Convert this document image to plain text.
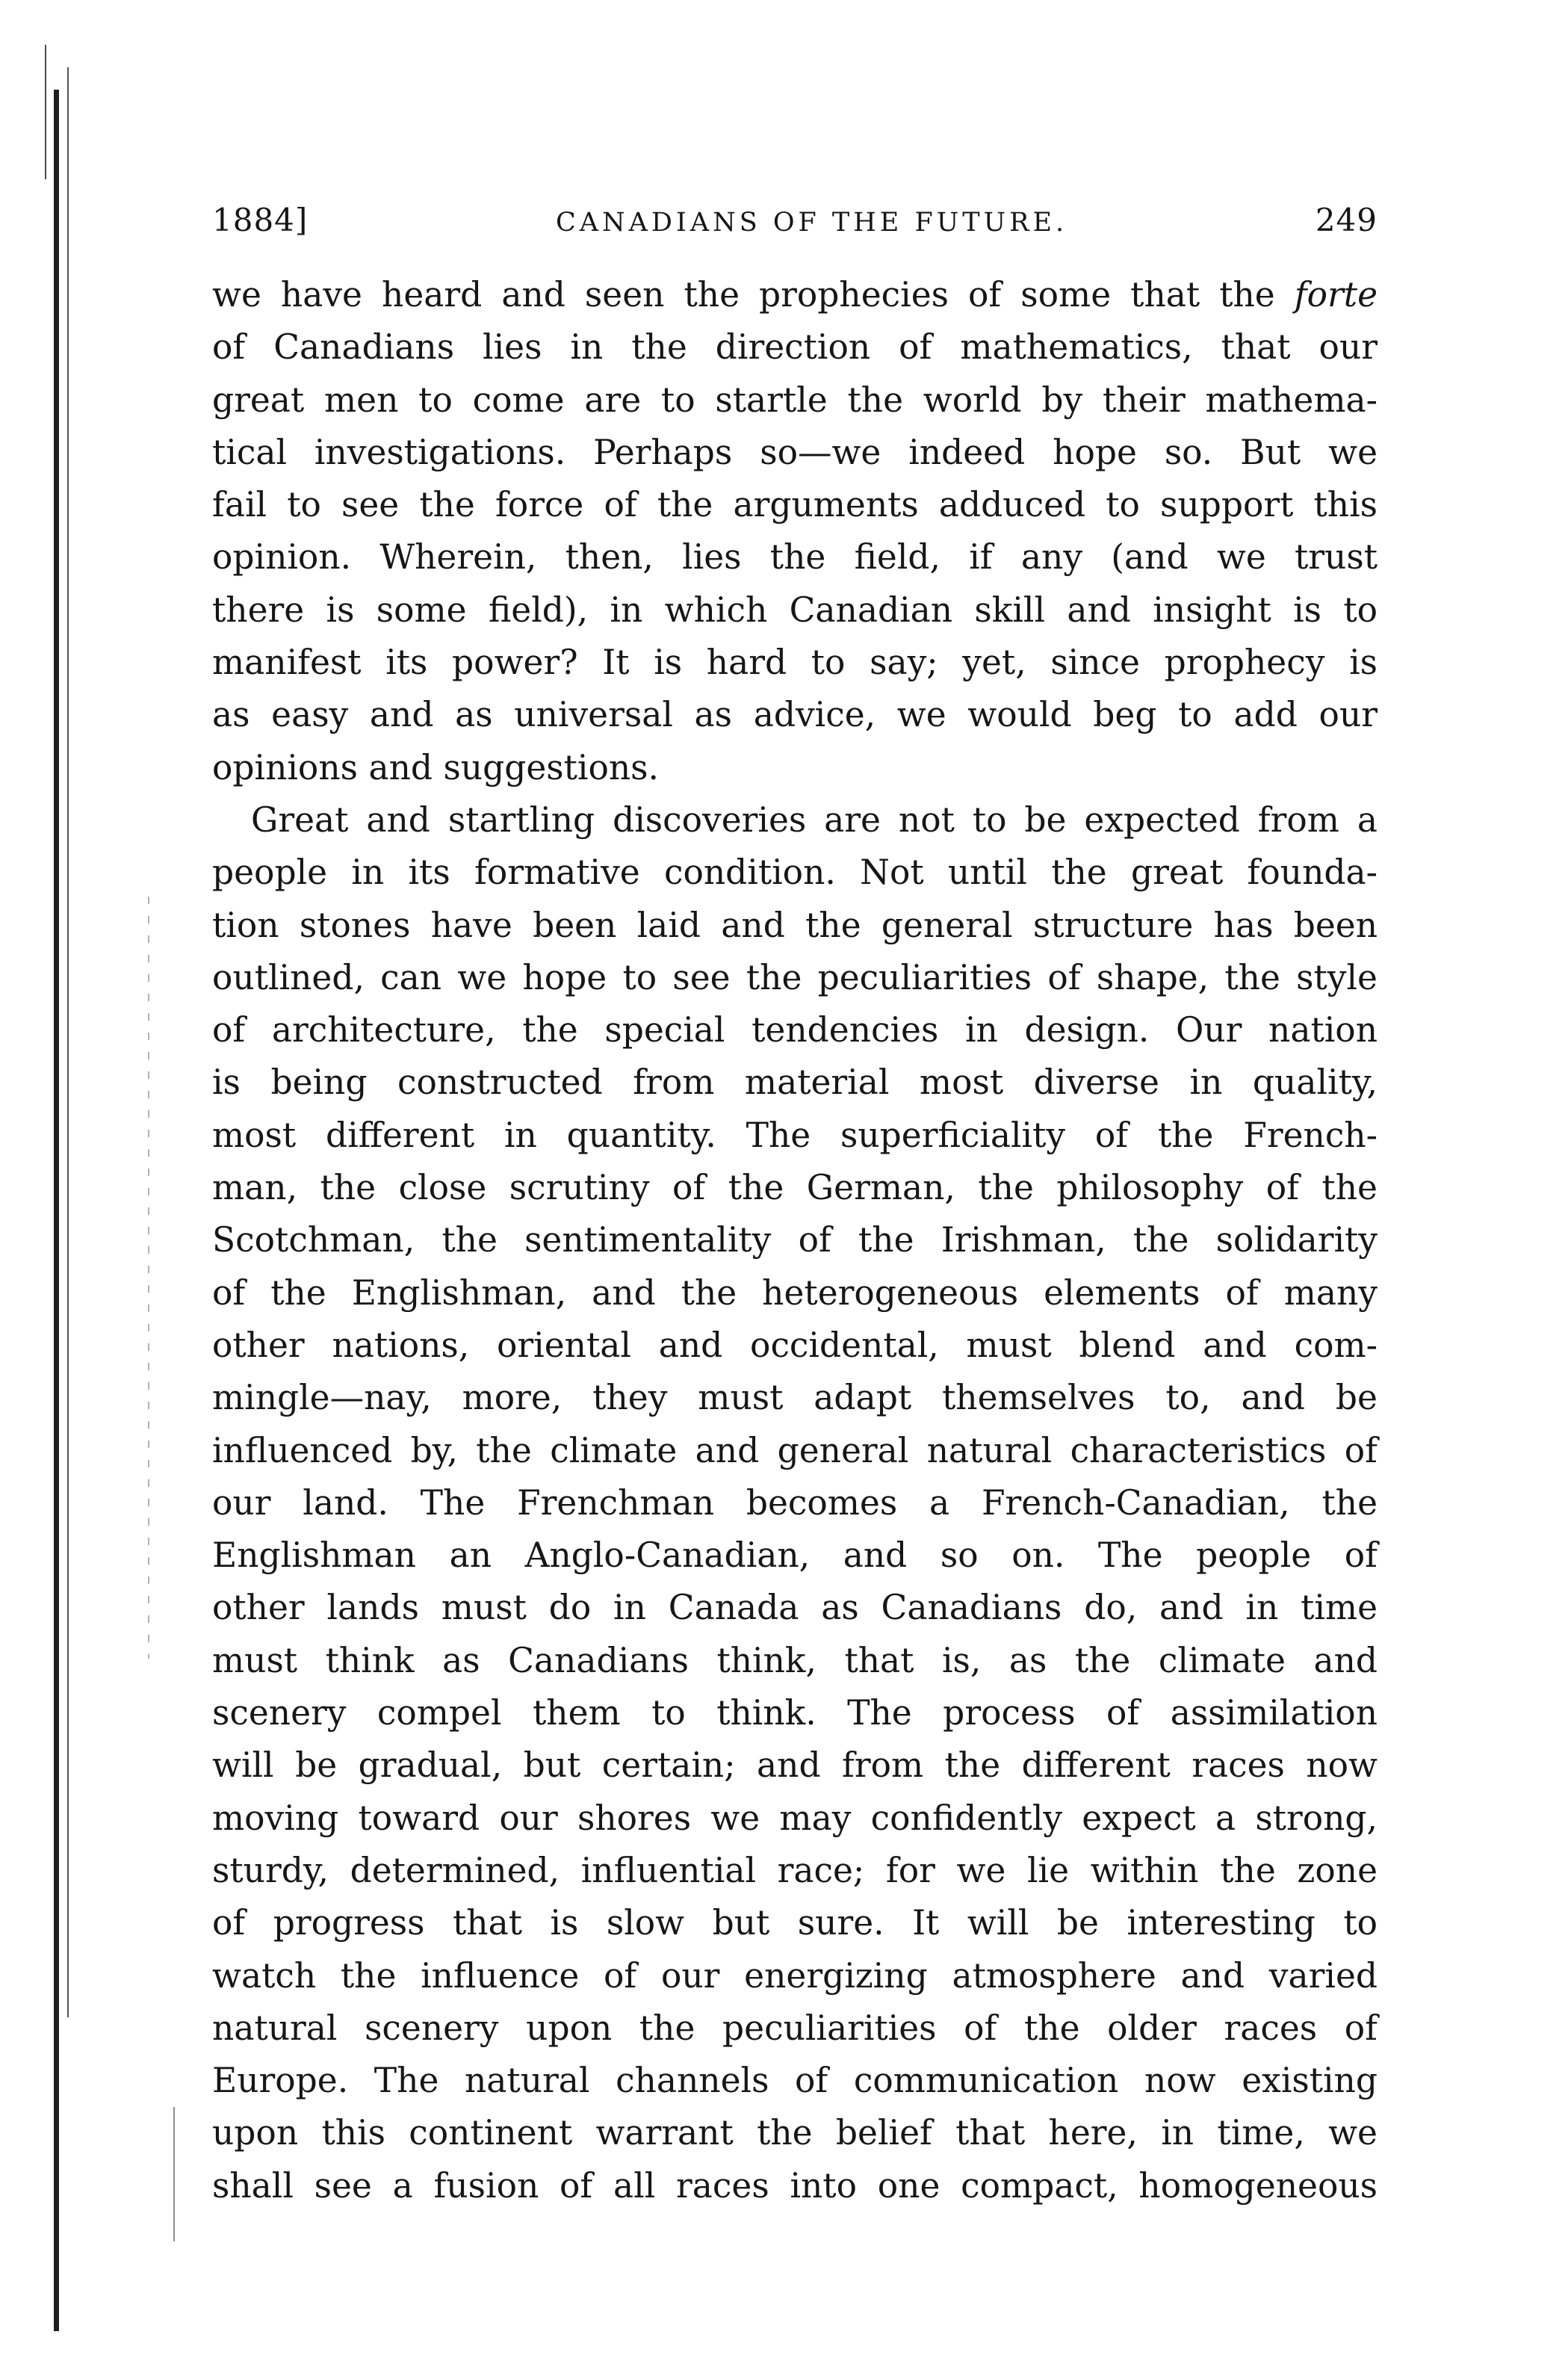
1884]	CANADIANS OF THE FUTURE.	249

we have heard and seen the prophecies of some that the forte

of Canadians lies in the direction of mathematics, that our

great men to come are to startle the world by their mathema-

tical investigations. Perhaps so—we indeed hope so. But we

fail to see the force of the arguments adduced to support this

opinion. Wherein, then, lies the field, if any (and we trust

there is some field), in which Canadian skill and insight is to

manifest its power? It is hard to say; yet, since prophecy is

as easy and as universal as advice, we would beg to add our

opinions and suggestions.

Great and startling discoveries are not to be expected from a

people in its formative condition. Not until the great founda-

tion stones have been laid and the general structure has been

outlined, can we hope to see the peculiarities of shape, the style

of architecture, the special tendencies in design. Our nation

is being constructed from material most diverse in quality,

most different in quantity. The superficiality of the French-

man, the close scrutiny of the German, the philosophy of the

Scotchman, the sentimentality of the Irishman, the solidarity

of the Englishman, and the heterogeneous elements of many

other nations, oriental and occidental, must blend and com-

mingle—nay, more, they must adapt themselves to, and be

influenced by, the climate and general natural characteristics of

our land. The Frenchman becomes a French-Canadian, the

Englishman an Anglo-Canadian, and so on. The people of

other lands must do in Canada as Canadians do, and in time

must think as Canadians think, that is, as the climate and

scenery compel them to think. The process of assimilation

will be gradual, but certain; and from the different races now

moving toward our shores we may confidently expect a strong,

sturdy, determined, influential race; for we lie within the zone

of progress that is slow but sure. It will be interesting to

watch the influence of our energizing atmosphere and varied

natural scenery upon the peculiarities of the older races of

Europe. The natural channels of communication now existing

upon this continent warrant the belief that here, in time, we

shall see a fusion of all races into one compact, homogeneous
